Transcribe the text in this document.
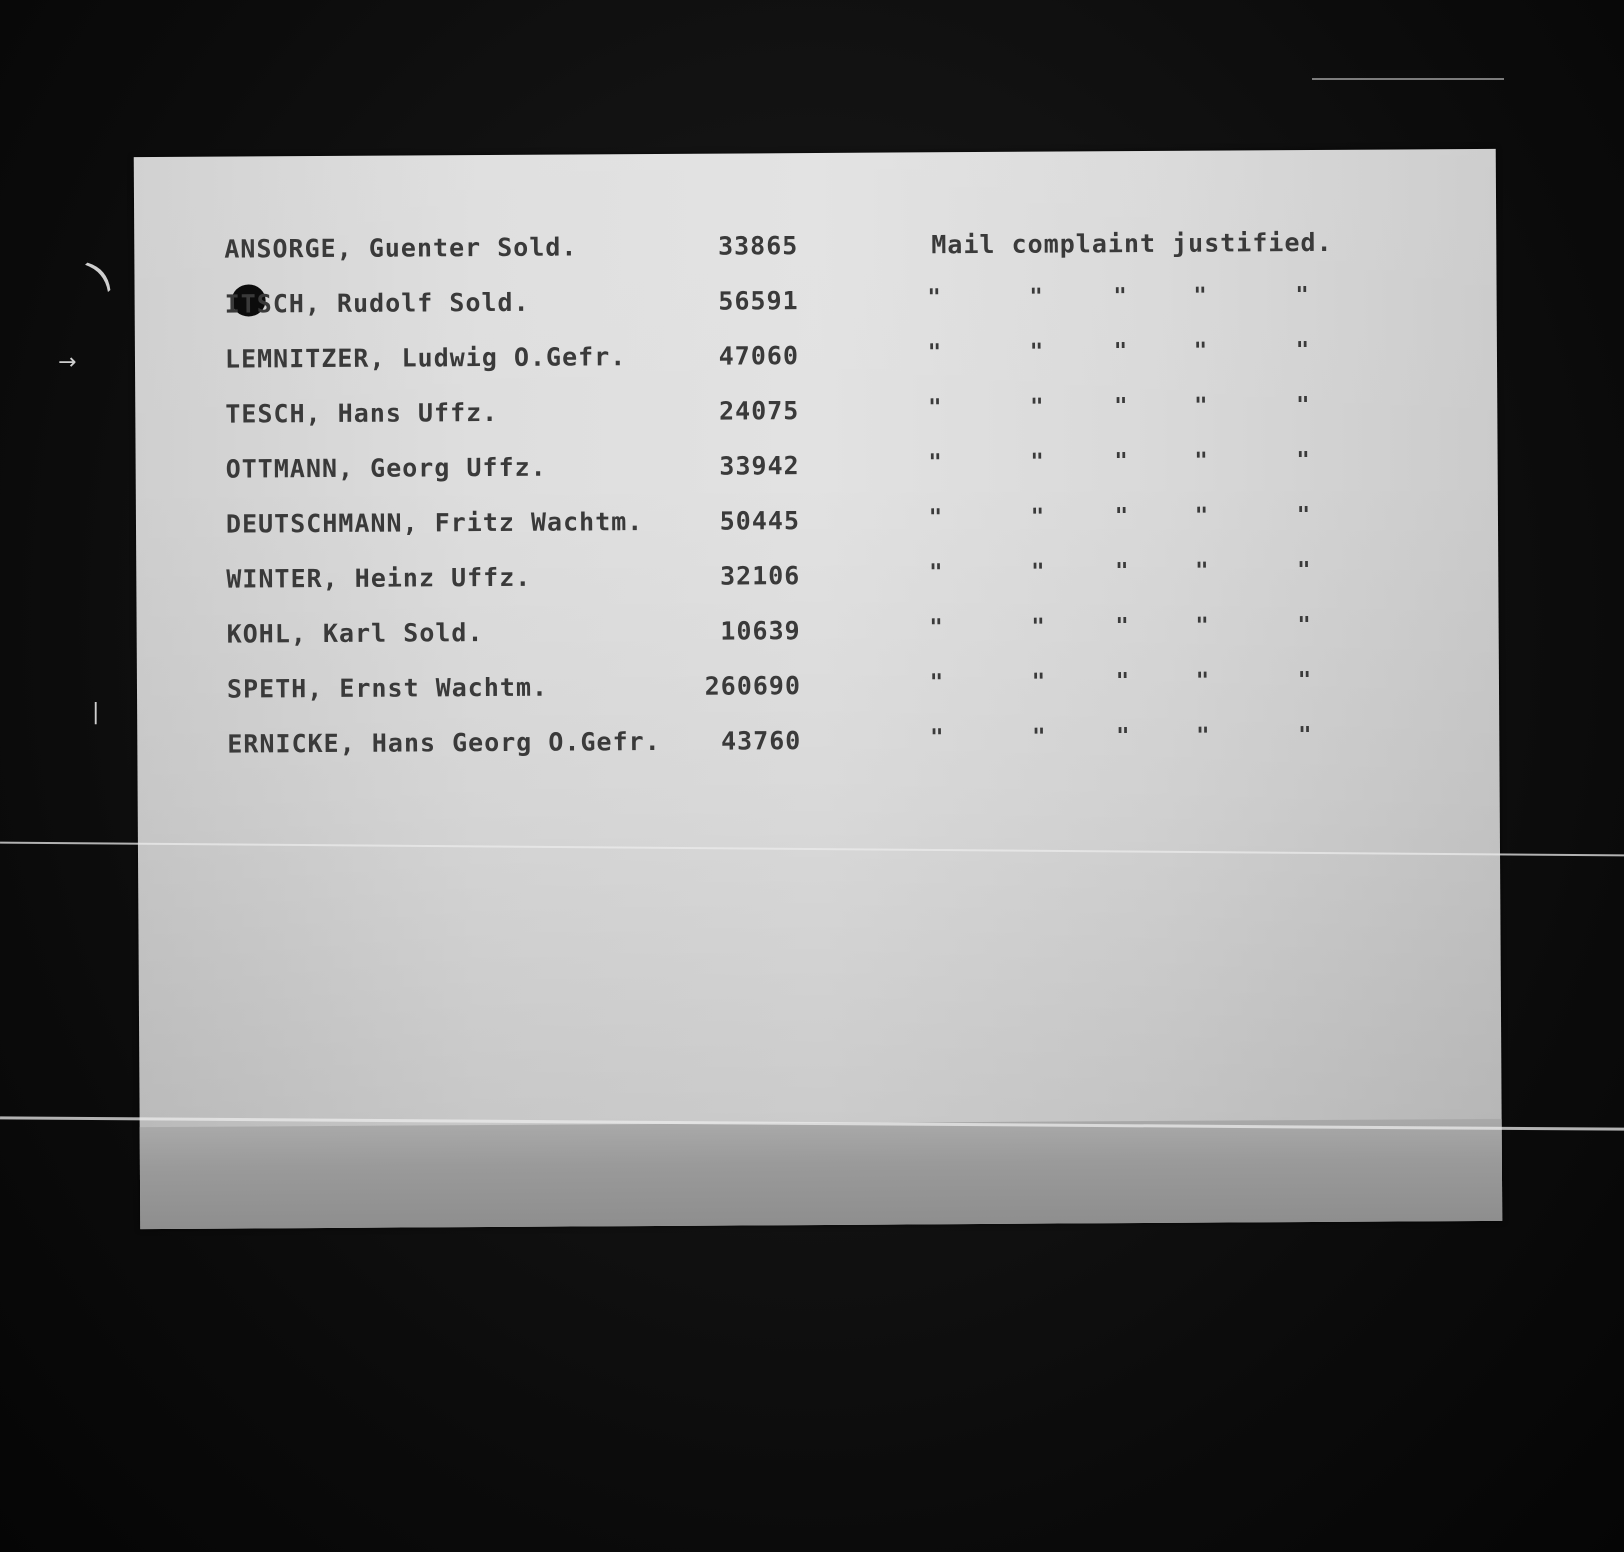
ANSORGE, Guenter Sold.	33865	Mail complaint justified.
ITSCH, Rudolf Sold.	56591	"	"	"	"	"
LEMNITZER, Ludwig O.Gefr.	47060	"	"	"	"	"
TESCH, Hans Uffz.	24075	"	"	"	"	"
OTTMANN, Georg Uffz.	33942	"	"	"	"	"
DEUTSCHMANN, Fritz Wachtm.	50445	"	"	"	"	"
WINTER, Heinz Uffz.	32106	"	"	"	"	"
KOHL, Karl Sold.	10639	"	"	"	"	"
SPETH, Ernst Wachtm.	260690	"	"	"	"	"
ERNICKE, Hans Georg O.Gefr.	43760	"	"	"	"	"
)
→
|
